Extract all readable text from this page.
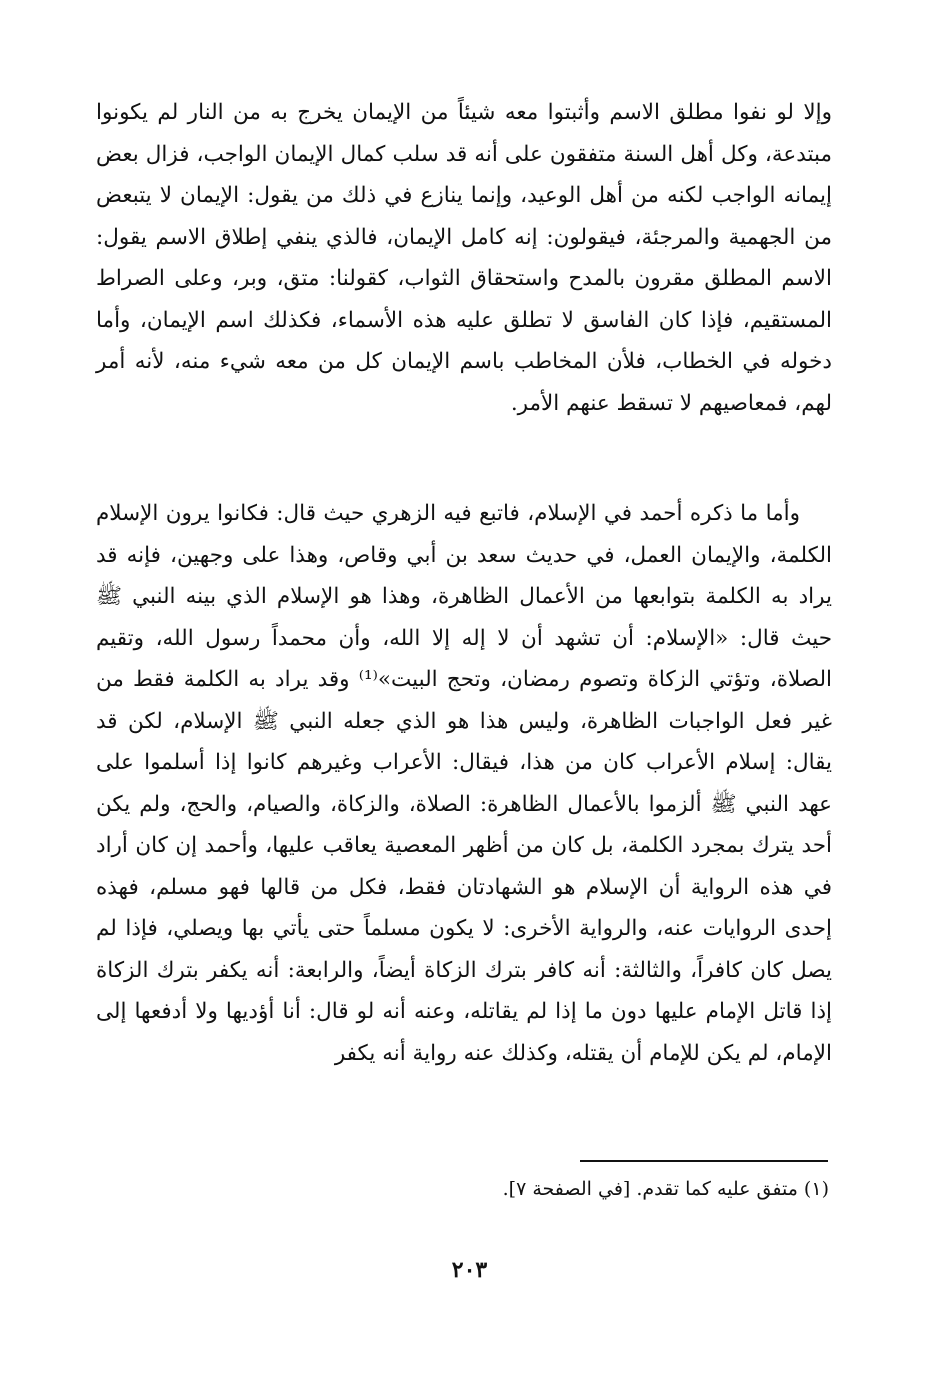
وإلا لو نفوا مطلق الاسم وأثبتوا معه شيئاً من الإيمان يخرج به من النار لم يكونوا مبتدعة، وكل أهل السنة متفقون على أنه قد سلب كمال الإيمان الواجب، فزال بعض إيمانه الواجب لكنه من أهل الوعيد، وإنما ينازع في ذلك من يقول: الإيمان لا يتبعض من الجهمية والمرجئة، فيقولون: إنه كامل الإيمان، فالذي ينفي إطلاق الاسم يقول: الاسم المطلق مقرون بالمدح واستحقاق الثواب، كقولنا: متق، وبر، وعلى الصراط المستقيم، فإذا كان الفاسق لا تطلق عليه هذه الأسماء، فكذلك اسم الإيمان، وأما دخوله في الخطاب، فلأن المخاطب باسم الإيمان كل من معه شيء منه، لأنه أمر لهم، فمعاصيهم لا تسقط عنهم الأمر.

وأما ما ذكره أحمد في الإسلام، فاتبع فيه الزهري حيث قال: فكانوا يرون الإسلام الكلمة، والإيمان العمل، في حديث سعد بن أبي وقاص، وهذا على وجهين، فإنه قد يراد به الكلمة بتوابعها من الأعمال الظاهرة، وهذا هو الإسلام الذي بينه النبي ﷺ حيث قال: «الإسلام: أن تشهد أن لا إله إلا الله، وأن محمداً رسول الله، وتقيم الصلاة، وتؤتي الزكاة وتصوم رمضان، وتحج البيت»⁽¹⁾ وقد يراد به الكلمة فقط من غير فعل الواجبات الظاهرة، وليس هذا هو الذي جعله النبي ﷺ الإسلام، لكن قد يقال: إسلام الأعراب كان من هذا، فيقال: الأعراب وغيرهم كانوا إذا أسلموا على عهد النبي ﷺ ألزموا بالأعمال الظاهرة: الصلاة، والزكاة، والصيام، والحج، ولم يكن أحد يترك بمجرد الكلمة، بل كان من أظهر المعصية يعاقب عليها، وأحمد إن كان أراد في هذه الرواية أن الإسلام هو الشهادتان فقط، فكل من قالها فهو مسلم، فهذه إحدى الروايات عنه، والرواية الأخرى: لا يكون مسلماً حتى يأتي بها ويصلي، فإذا لم يصل كان كافراً، والثالثة: أنه كافر بترك الزكاة أيضاً، والرابعة: أنه يكفر بترك الزكاة إذا قاتل الإمام عليها دون ما إذا لم يقاتله، وعنه أنه لو قال: أنا أؤديها ولا أدفعها إلى الإمام، لم يكن للإمام أن يقتله، وكذلك عنه رواية أنه يكفر

(١) متفق عليه كما تقدم. [في الصفحة ٧].

٢٠٣
